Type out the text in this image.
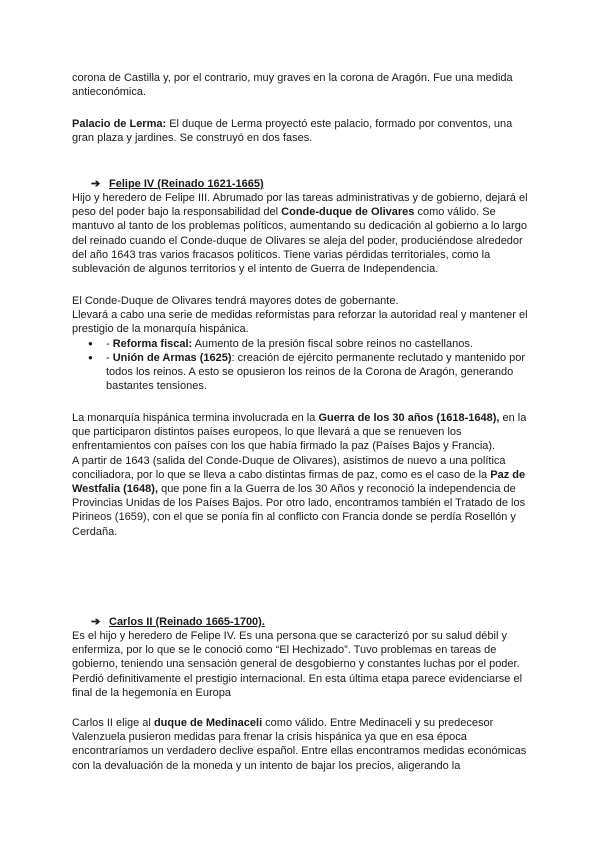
corona de Castilla y, por el contrario, muy graves en la corona de Aragón. Fue una medida

antieconómica.

Palacio de Lerma: El duque de Lerma proyectó este palacio, formado por conventos, una gran plaza y jardines. Se construyó en dos fases.

➔ Felipe IV (Reinado 1621-1665)

Hijo y heredero de Felipe III. Abrumado por las tareas administrativas y de gobierno, dejará el peso del poder bajo la responsabilidad del Conde-duque de Olivares como válido. Se mantuvo al tanto de los problemas políticos, aumentando su dedicación al gobierno a lo largo del reinado cuando el Conde-duque de Olivares se aleja del poder, produciéndose alrededor del año 1643 tras varios fracasos políticos. Tiene varias pérdidas territoriales, como la sublevación de algunos territorios y el intento de Guerra de Independencia.

El Conde-Duque de Olivares tendrá mayores dotes de gobernante.

Llevará a cabo una serie de medidas reformistas para reforzar la autoridad real y mantener el prestigio de la monarquía hispánica.

● - Reforma fiscal: Aumento de la presión fiscal sobre reinos no castellanos.
● - Unión de Armas (1625): creación de ejército permanente reclutado y mantenido por todos los reinos. A esto se opusieron los reinos de la Corona de Aragón, generando bastantes tensiones.

La monarquía hispánica termina involucrada en la Guerra de los 30 años (1618-1648), en la que participaron distintos países europeos, lo que llevará a que se renueven los enfrentamientos con países con los que había firmado la paz (Países Bajos y Francia).

A partir de 1643 (salida del Conde-Duque de Olivares), asistimos de nuevo a una política conciliadora, por lo que se lleva a cabo distintas firmas de paz, como es el caso de la Paz de Westfalia (1648), que pone fin a la Guerra de los 30 Años y reconoció la independencia de Provincias Unidas de los Países Bajos. Por otro lado, encontramos también el Tratado de los Pirineos (1659), con el que se ponía fin al conflicto con Francia donde se perdía Rosellón y Cerdaña.

➔ Carlos II (Reinado 1665-1700).

Es el hijo y heredero de Felipe IV. Es una persona que se caracterizó por su salud débil y enfermiza, por lo que se le conoció como “El Hechizado”. Tuvo problemas en tareas de gobierno, teniendo una sensación general de desgobierno y constantes luchas por el poder. Perdió definitivamente el prestigio internacional. En esta última etapa parece evidenciarse el final de la hegemonía en Europa

Carlos II elige al duque de Medinaceli como válido. Entre Medinaceli y su predecesor Valenzuela pusieron medidas para frenar la crisis hispánica ya que en esa época encontraríamos un verdadero declive español. Entre ellas encontramos medidas económicas con la devaluación de la moneda y un intento de bajar los precios, aligerando la
